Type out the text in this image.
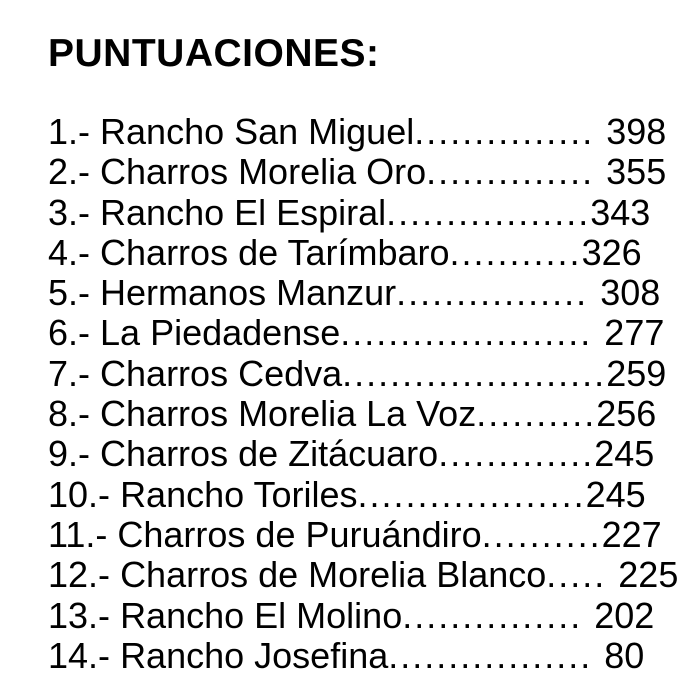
PUNTUACIONES:
1.- Rancho San Miguel............... 398
2.- Charros Morelia Oro.............. 355
3.- Rancho El Espiral.................343
4.- Charros de Tarímbaro...........326
5.- Hermanos Manzur................ 308
6.- La Piedadense..................... 277
7.- Charros Cedva......................259
8.- Charros Morelia La Voz..........256
9.- Charros de Zitácuaro.............245
10.- Rancho Toriles...................245
11.- Charros de Puruándiro..........227
12.- Charros de Morelia Blanco..... 225
13.- Rancho El Molino............... 202
14.- Rancho Josefina................. 80
